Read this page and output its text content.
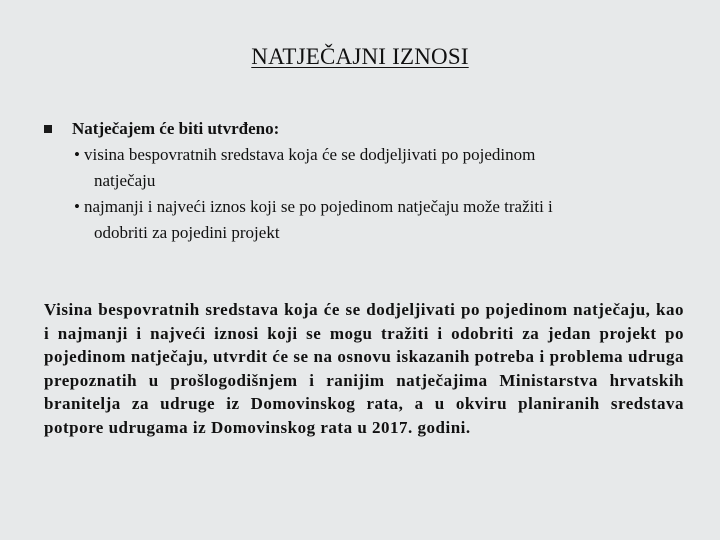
NATJEČAJNI IZNOSI
Natječajem će biti utvrđeno:
• visina bespovratnih sredstava koja će se dodjeljivati po pojedinom
natječaju
• najmanji i najveći iznos koji se po pojedinom natječaju može tražiti i
odobriti za pojedini projekt
Visina bespovratnih sredstava koja će se dodjeljivati po pojedinom natječaju, kao i najmanji i najveći iznosi koji se mogu tražiti i odobriti za jedan projekt po pojedinom natječaju, utvrdit će se na osnovu iskazanih potreba i problema udruga prepoznatih u prošlogodišnjem i ranijim natječajima Ministarstva hrvatskih branitelja za udruge iz Domovinskog rata, a u okviru planiranih sredstava potpore udrugama iz Domovinskog rata u 2017. godini.
